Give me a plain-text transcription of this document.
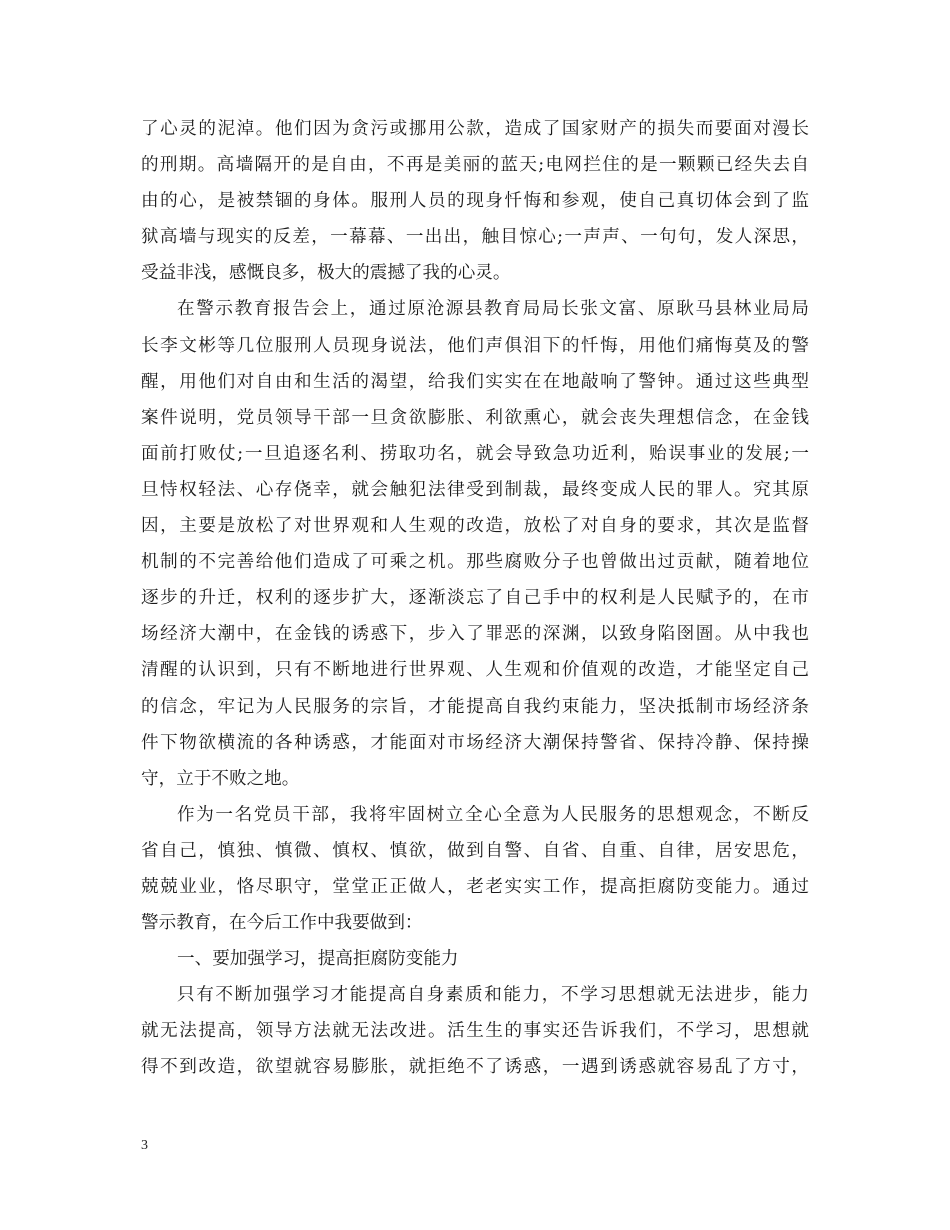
了心灵的泥淖。他们因为贪污或挪用公款，造成了国家财产的损失而要面对漫长
的刑期。高墙隔开的是自由，不再是美丽的蓝天;电网拦住的是一颗颗已经失去自
由的心，是被禁锢的身体。服刑人员的现身忏悔和参观，使自己真切体会到了监
狱高墙与现实的反差，一幕幕、一出出，触目惊心;一声声、一句句，发人深思，
受益非浅，感慨良多，极大的震撼了我的心灵。
在警示教育报告会上，通过原沧源县教育局局长张文富、原耿马县林业局局
长李文彬等几位服刑人员现身说法，他们声俱泪下的忏悔，用他们痛悔莫及的警
醒，用他们对自由和生活的渴望，给我们实实在在地敲响了警钟。通过这些典型
案件说明，党员领导干部一旦贪欲膨胀、利欲熏心，就会丧失理想信念，在金钱
面前打败仗;一旦追逐名利、捞取功名，就会导致急功近利，贻误事业的发展;一
旦恃权轻法、心存侥幸，就会触犯法律受到制裁，最终变成人民的罪人。究其原
因，主要是放松了对世界观和人生观的改造，放松了对自身的要求，其次是监督
机制的不完善给他们造成了可乘之机。那些腐败分子也曾做出过贡献，随着地位
逐步的升迁，权利的逐步扩大，逐渐淡忘了自己手中的权利是人民赋予的，在市
场经济大潮中，在金钱的诱惑下，步入了罪恶的深渊，以致身陷囹圄。从中我也
清醒的认识到，只有不断地进行世界观、人生观和价值观的改造，才能坚定自己
的信念，牢记为人民服务的宗旨，才能提高自我约束能力，坚决抵制市场经济条
件下物欲横流的各种诱惑，才能面对市场经济大潮保持警省、保持冷静、保持操
守，立于不败之地。
作为一名党员干部，我将牢固树立全心全意为人民服务的思想观念，不断反
省自己，慎独、慎微、慎权、慎欲，做到自警、自省、自重、自律，居安思危，
兢兢业业，恪尽职守，堂堂正正做人，老老实实工作，提高拒腐防变能力。通过
警示教育，在今后工作中我要做到：
一、要加强学习，提高拒腐防变能力
只有不断加强学习才能提高自身素质和能力，不学习思想就无法进步，能力
就无法提高，领导方法就无法改进。活生生的事实还告诉我们，不学习，思想就
得不到改造，欲望就容易膨胀，就拒绝不了诱惑，一遇到诱惑就容易乱了方寸，
3
